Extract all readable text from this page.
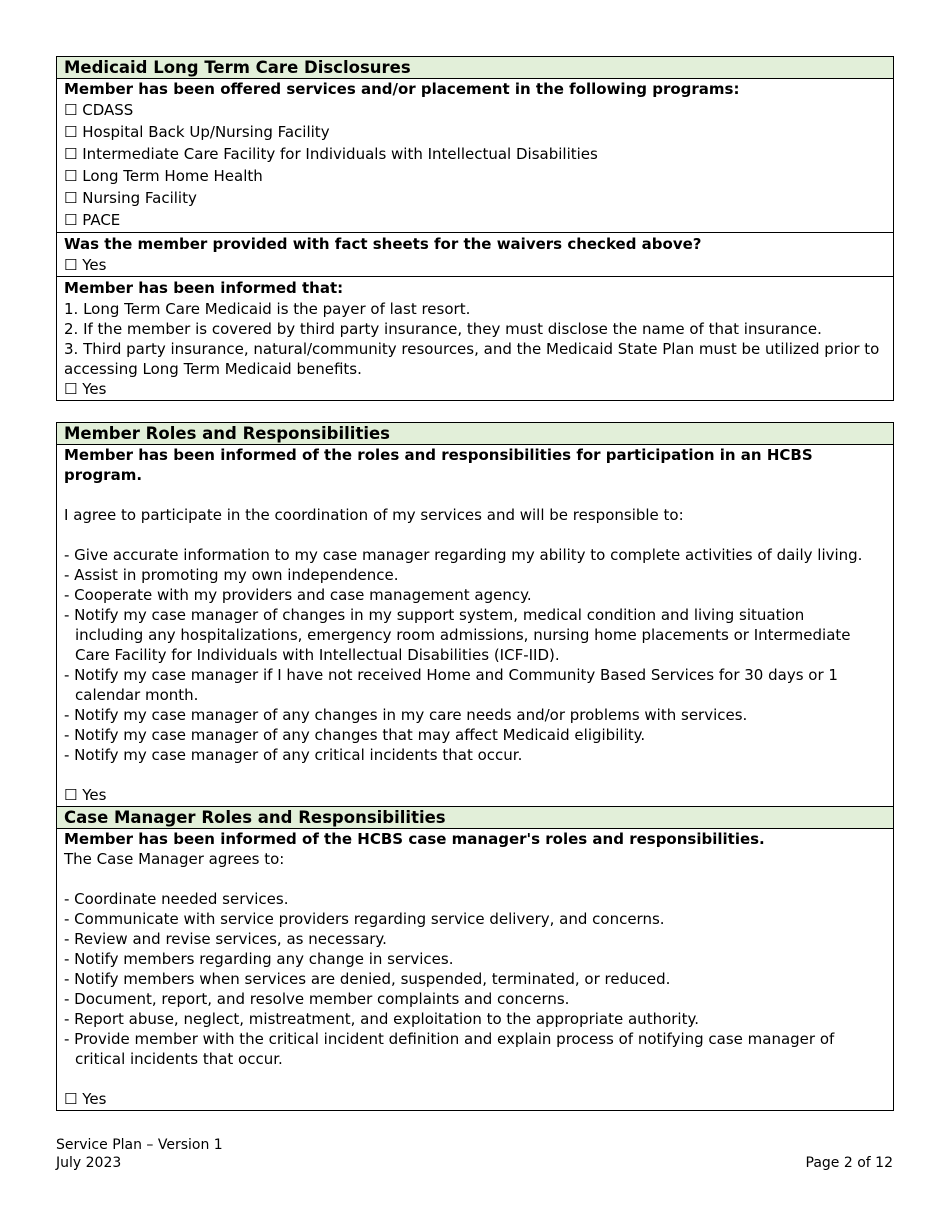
Medicaid Long Term Care Disclosures
Member has been offered services and/or placement in the following programs:
☐ CDASS
☐ Hospital Back Up/Nursing Facility
☐ Intermediate Care Facility for Individuals with Intellectual Disabilities
☐ Long Term Home Health
☐ Nursing Facility
☐ PACE
Was the member provided with fact sheets for the waivers checked above?
☐ Yes
Member has been informed that:
1. Long Term Care Medicaid is the payer of last resort.
2. If the member is covered by third party insurance, they must disclose the name of that insurance.
3. Third party insurance, natural/community resources, and the Medicaid State Plan must be utilized prior to accessing Long Term Medicaid benefits.
☐ Yes
Member Roles and Responsibilities
Member has been informed of the roles and responsibilities for participation in an HCBS program.
I agree to participate in the coordination of my services and will be responsible to:
- Give accurate information to my case manager regarding my ability to complete activities of daily living.
- Assist in promoting my own independence.
- Cooperate with my providers and case management agency.
- Notify my case manager of changes in my support system, medical condition and living situation including any hospitalizations, emergency room admissions, nursing home placements or Intermediate Care Facility for Individuals with Intellectual Disabilities (ICF-IID).
- Notify my case manager if I have not received Home and Community Based Services for 30 days or 1 calendar month.
- Notify my case manager of any changes in my care needs and/or problems with services.
- Notify my case manager of any changes that may affect Medicaid eligibility.
- Notify my case manager of any critical incidents that occur.
☐ Yes
Case Manager Roles and Responsibilities
Member has been informed of the HCBS case manager's roles and responsibilities.
The Case Manager agrees to:
- Coordinate needed services.
- Communicate with service providers regarding service delivery, and concerns.
- Review and revise services, as necessary.
- Notify members regarding any change in services.
- Notify members when services are denied, suspended, terminated, or reduced.
- Document, report, and resolve member complaints and concerns.
- Report abuse, neglect, mistreatment, and exploitation to the appropriate authority.
- Provide member with the critical incident definition and explain process of notifying case manager of critical incidents that occur.
☐ Yes
Service Plan – Version 1
July 2023	Page 2 of 12
